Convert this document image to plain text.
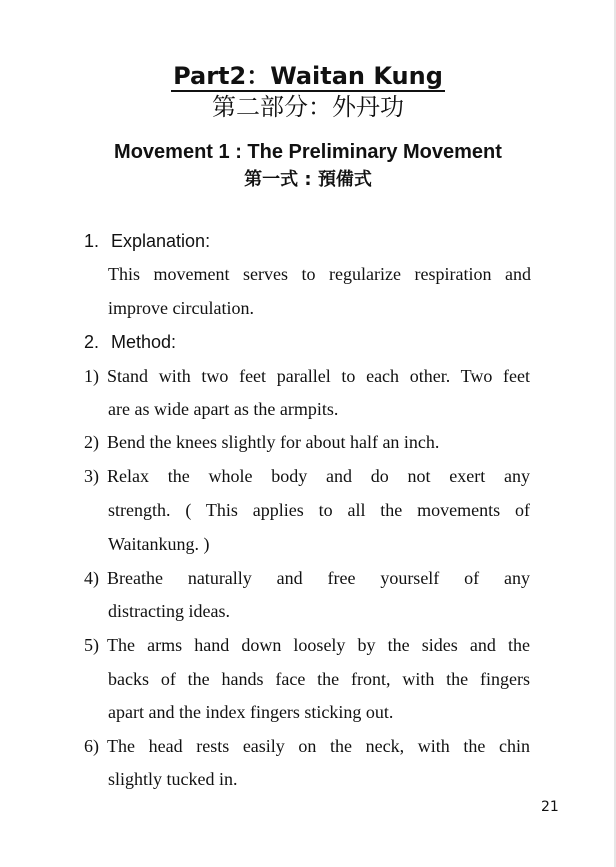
Part2：Waitan Kung
第二部分：外丹功
Movement 1 : The Preliminary Movement
第一式 : 預備式
1. Explanation:
This movement serves to regularize respiration and
improve circulation.
2. Method:
1) Stand with two feet parallel to each other. Two feet
are as wide apart as the armpits.
2) Bend the knees slightly for about half an inch.
3) Relax the whole body and do not exert any
strength. ( This applies to all the movements of
Waitankung. )
4) Breathe naturally and free yourself of any
distracting ideas.
5) The arms hand down loosely by the sides and the
backs of the hands face the front, with the fingers
apart and the index fingers sticking out.
6) The head rests easily on the neck, with the chin
slightly tucked in.
21
